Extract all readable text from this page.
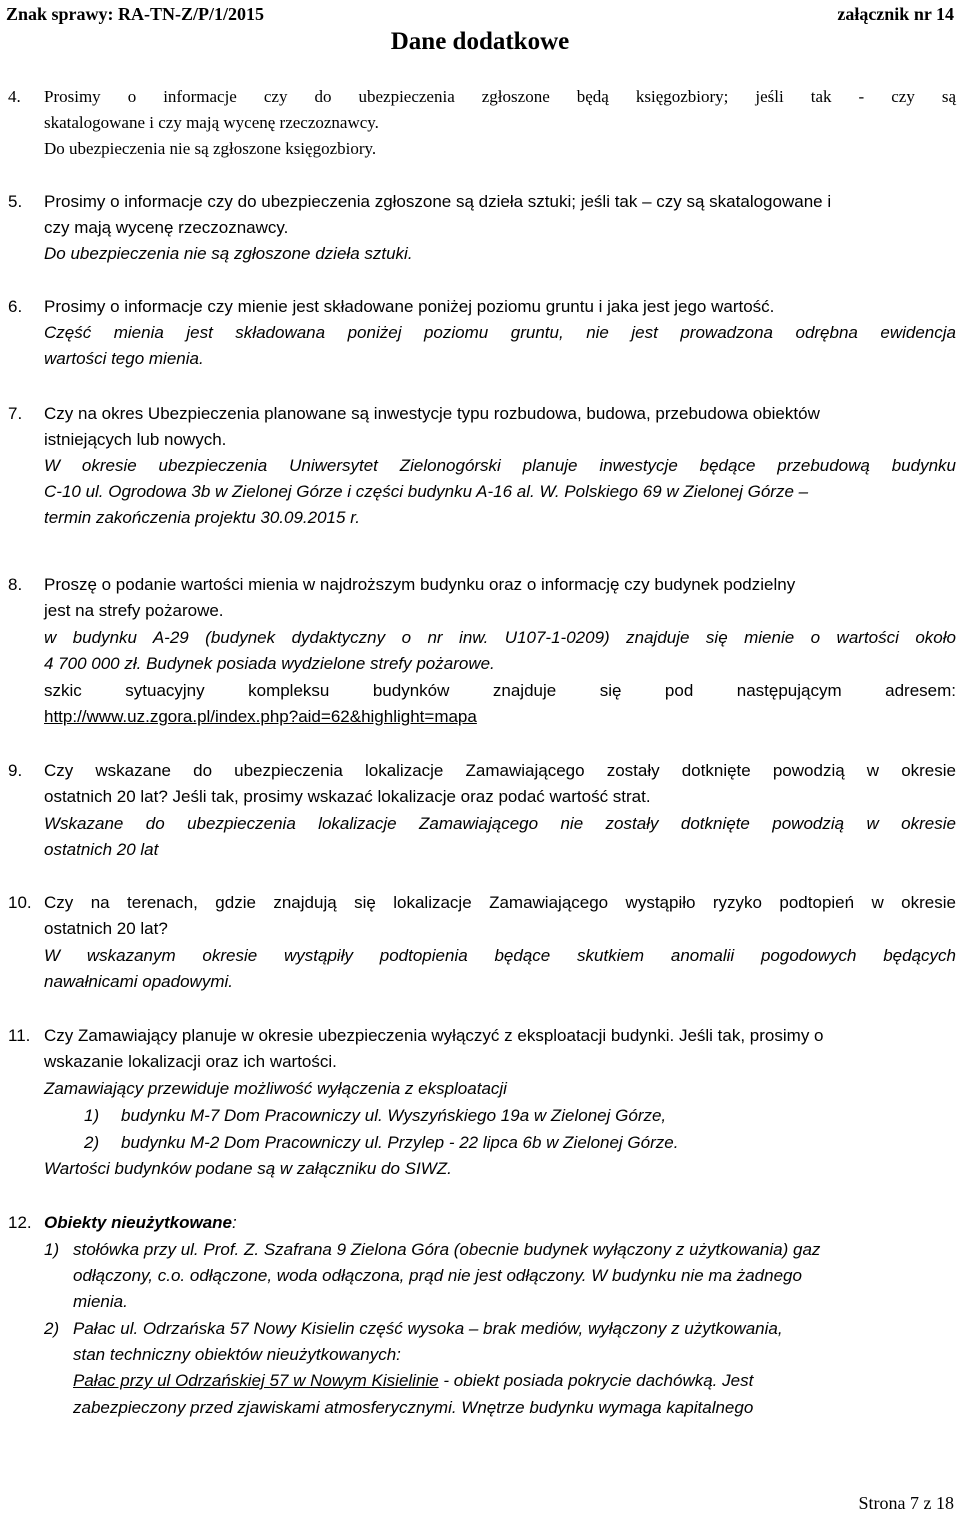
Znak sprawy: RA-TN-Z/P/1/2015	załącznik nr 14
Dane dodatkowe
4. Prosimy o informacje czy do ubezpieczenia zgłoszone będą księgozbiory; jeśli tak - czy są
skatalogowane i czy mają wycenę rzeczoznawcy.
Do ubezpieczenia nie są zgłoszone księgozbiory.
5. Prosimy o informacje czy do ubezpieczenia zgłoszone są dzieła sztuki; jeśli tak – czy są skatalogowane i
czy mają wycenę rzeczoznawcy.
Do ubezpieczenia nie są zgłoszone dzieła sztuki.
6. Prosimy o informacje czy mienie jest składowane poniżej poziomu gruntu i jaka jest jego wartość.
Część mienia jest składowana poniżej poziomu gruntu, nie jest prowadzona odrębna ewidencja
wartości tego mienia.
7. Czy na okres Ubezpieczenia planowane są inwestycje typu rozbudowa, budowa, przebudowa obiektów
istniejących lub nowych.
W okresie ubezpieczenia Uniwersytet Zielonogórski planuje inwestycje będące przebudową budynku
C-10 ul. Ogrodowa 3b w Zielonej Górze i części budynku A-16 al. W. Polskiego 69 w Zielonej Górze –
termin zakończenia projektu 30.09.2015 r.
8. Proszę o podanie wartości mienia w najdroższym budynku oraz o informację czy budynek podzielny
jest na strefy pożarowe.
w budynku A-29 (budynek dydaktyczny o nr inw. U107-1-0209) znajduje się mienie o wartości około
4 700 000 zł. Budynek posiada wydzielone strefy pożarowe.
szkic sytuacyjny kompleksu budynków znajduje się pod następującym adresem:
http://www.uz.zgora.pl/index.php?aid=62&highlight=mapa
9. Czy wskazane do ubezpieczenia lokalizacje Zamawiającego zostały dotknięte powodzią w okresie
ostatnich 20 lat? Jeśli tak, prosimy wskazać lokalizacje oraz podać wartość strat.
Wskazane do ubezpieczenia lokalizacje Zamawiającego nie zostały dotknięte powodzią w okresie
ostatnich 20 lat
10. Czy na terenach, gdzie znajdują się lokalizacje Zamawiającego wystąpiło ryzyko podtopień w okresie
ostatnich 20 lat?
W wskazanym okresie wystąpiły podtopienia będące skutkiem anomalii pogodowych będących
nawałnicami opadowymi.
11. Czy Zamawiający planuje w okresie ubezpieczenia wyłączyć z eksploatacji budynki. Jeśli tak, prosimy o
wskazanie lokalizacji oraz ich wartości.
Zamawiający przewiduje możliwość wyłączenia z eksploatacji
1) budynku M-7 Dom Pracowniczy ul. Wyszyńskiego 19a w Zielonej Górze,
2) budynku M-2 Dom Pracowniczy ul. Przylep - 22 lipca 6b w Zielonej Górze.
Wartości budynków podane są w załączniku do SIWZ.
12. Obiekty nieużytkowane:
1) stołówka przy ul. Prof. Z. Szafrana 9 Zielona Góra (obecnie budynek wyłączony z użytkowania) gaz
odłączony, c.o. odłączone, woda odłączona, prąd nie jest odłączony. W budynku nie ma żadnego
mienia.
2) Pałac ul. Odrzańska 57 Nowy Kisielin część wysoka – brak mediów, wyłączony z użytkowania,
stan techniczny obiektów nieużytkowanych:
Pałac przy ul Odrzańskiej 57 w Nowym Kisielinie - obiekt posiada pokrycie dachówką. Jest
zabezpieczony przed zjawiskami atmosferycznymi. Wnętrze budynku wymaga kapitalnego
Strona 7 z 18
